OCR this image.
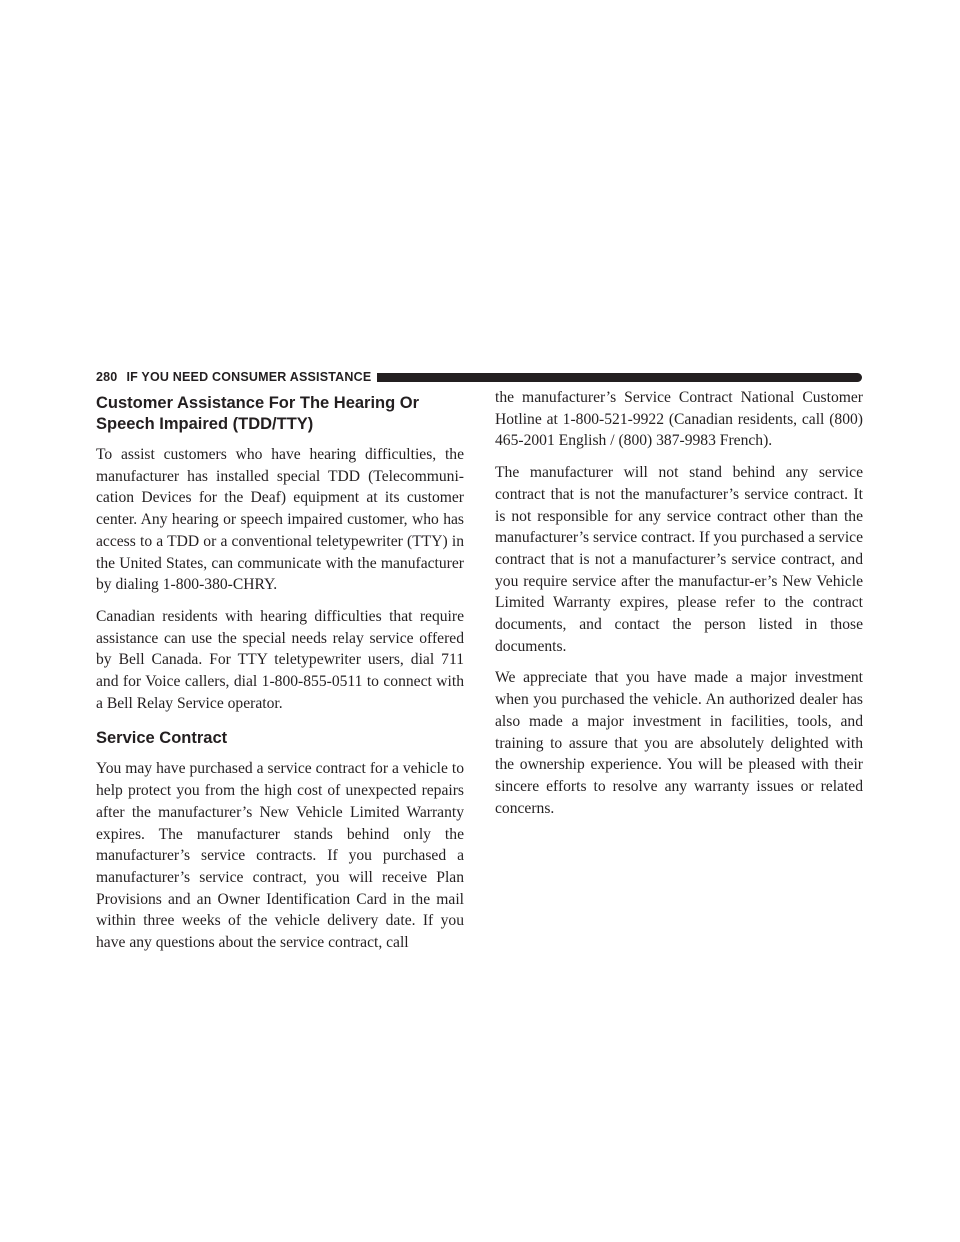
280 IF YOU NEED CONSUMER ASSISTANCE
Customer Assistance For The Hearing Or Speech Impaired (TDD/TTY)

To assist customers who have hearing difficulties, the manufacturer has installed special TDD (Telecommuni-cation Devices for the Deaf) equipment at its customer center. Any hearing or speech impaired customer, who has access to a TDD or a conventional teletypewriter (TTY) in the United States, can communicate with the manufacturer by dialing 1-800-380-CHRY.

Canadian residents with hearing difficulties that require assistance can use the special needs relay service offered by Bell Canada. For TTY teletypewriter users, dial 711 and for Voice callers, dial 1-800-855-0511 to connect with a Bell Relay Service operator.

Service Contract

You may have purchased a service contract for a vehicle to help protect you from the high cost of unexpected repairs after the manufacturer’s New Vehicle Limited Warranty expires. The manufacturer stands behind only the manufacturer’s service contracts. If you purchased a manufacturer’s service contract, you will receive Plan Provisions and an Owner Identification Card in the mail within three weeks of the vehicle delivery date. If you have any questions about the service contract, call

the manufacturer’s Service Contract National Customer Hotline at 1-800-521-9922 (Canadian residents, call (800) 465-2001 English / (800) 387-9983 French).

The manufacturer will not stand behind any service contract that is not the manufacturer’s service contract. It is not responsible for any service contract other than the manufacturer’s service contract. If you purchased a service contract that is not a manufacturer’s service contract, and you require service after the manufactur-er’s New Vehicle Limited Warranty expires, please refer to the contract documents, and contact the person listed in those documents.

We appreciate that you have made a major investment when you purchased the vehicle. An authorized dealer has also made a major investment in facilities, tools, and training to assure that you are absolutely delighted with the ownership experience. You will be pleased with their sincere efforts to resolve any warranty issues or related concerns.
